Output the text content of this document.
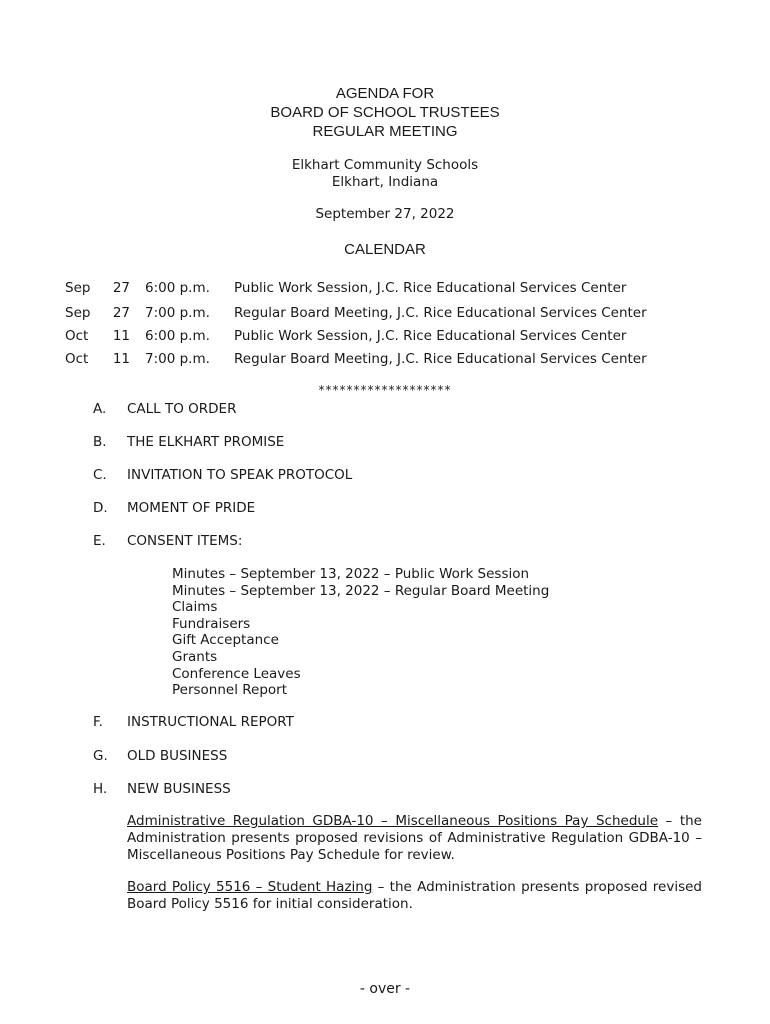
AGENDA FOR
BOARD OF SCHOOL TRUSTEES
REGULAR MEETING
Elkhart Community Schools
Elkhart, Indiana
September 27, 2022
CALENDAR
Sep	27 6:00 p.m. Public Work Session, J.C. Rice Educational Services Center
Sep	27 7:00 p.m. Regular Board Meeting, J.C. Rice Educational Services Center
Oct	11 6:00 p.m. Public Work Session, J.C. Rice Educational Services Center
Oct	11 7:00 p.m. Regular Board Meeting, J.C. Rice Educational Services Center
*******************
A. CALL TO ORDER
B. THE ELKHART PROMISE
C. INVITATION TO SPEAK PROTOCOL
D. MOMENT OF PRIDE
E. CONSENT ITEMS:
Minutes – September 13, 2022 – Public Work Session
Minutes – September 13, 2022 – Regular Board Meeting
Claims
Fundraisers
Gift Acceptance
Grants
Conference Leaves
Personnel Report
F. INSTRUCTIONAL REPORT
G. OLD BUSINESS
H. NEW BUSINESS

Administrative Regulation GDBA-10 – Miscellaneous Positions Pay Schedule – the Administration presents proposed revisions of Administrative Regulation GDBA-10 – Miscellaneous Positions Pay Schedule for review.

Board Policy 5516 – Student Hazing – the Administration presents proposed revised Board Policy 5516 for initial consideration.

- over -
